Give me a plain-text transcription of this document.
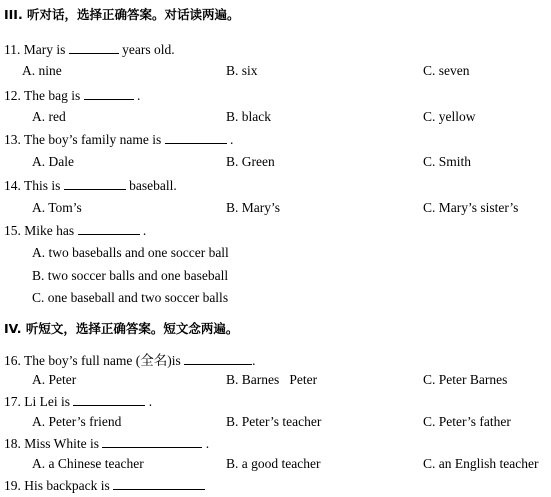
III. 听对话，选择正确答案。对话读两遍。
11. Mary is	years old.
A. nine	B. six	C. seven
12. The bag is	.
A. red	B. black	C. yellow
13. The boy’s family name is	.
A. Dale	B. Green	C. Smith
14. This is	baseball.
A. Tom’s	B. Mary’s	C. Mary’s sister’s
15. Mike has	.
A. two baseballs and one soccer ball
B. two soccer balls and one baseball
C. one baseball and two soccer balls
IV. 听短文，选择正确答案。短文念两遍。
16. The boy’s full name (全名)is	.
A. Peter	B. Barnes   Peter	C. Peter Barnes
17. Li Lei is	.
A. Peter’s friend	B. Peter’s teacher	C. Peter’s father
18. Miss White is	.
A. a Chinese teacher	B. a good teacher	C. an English teacher
19. His backpack is
